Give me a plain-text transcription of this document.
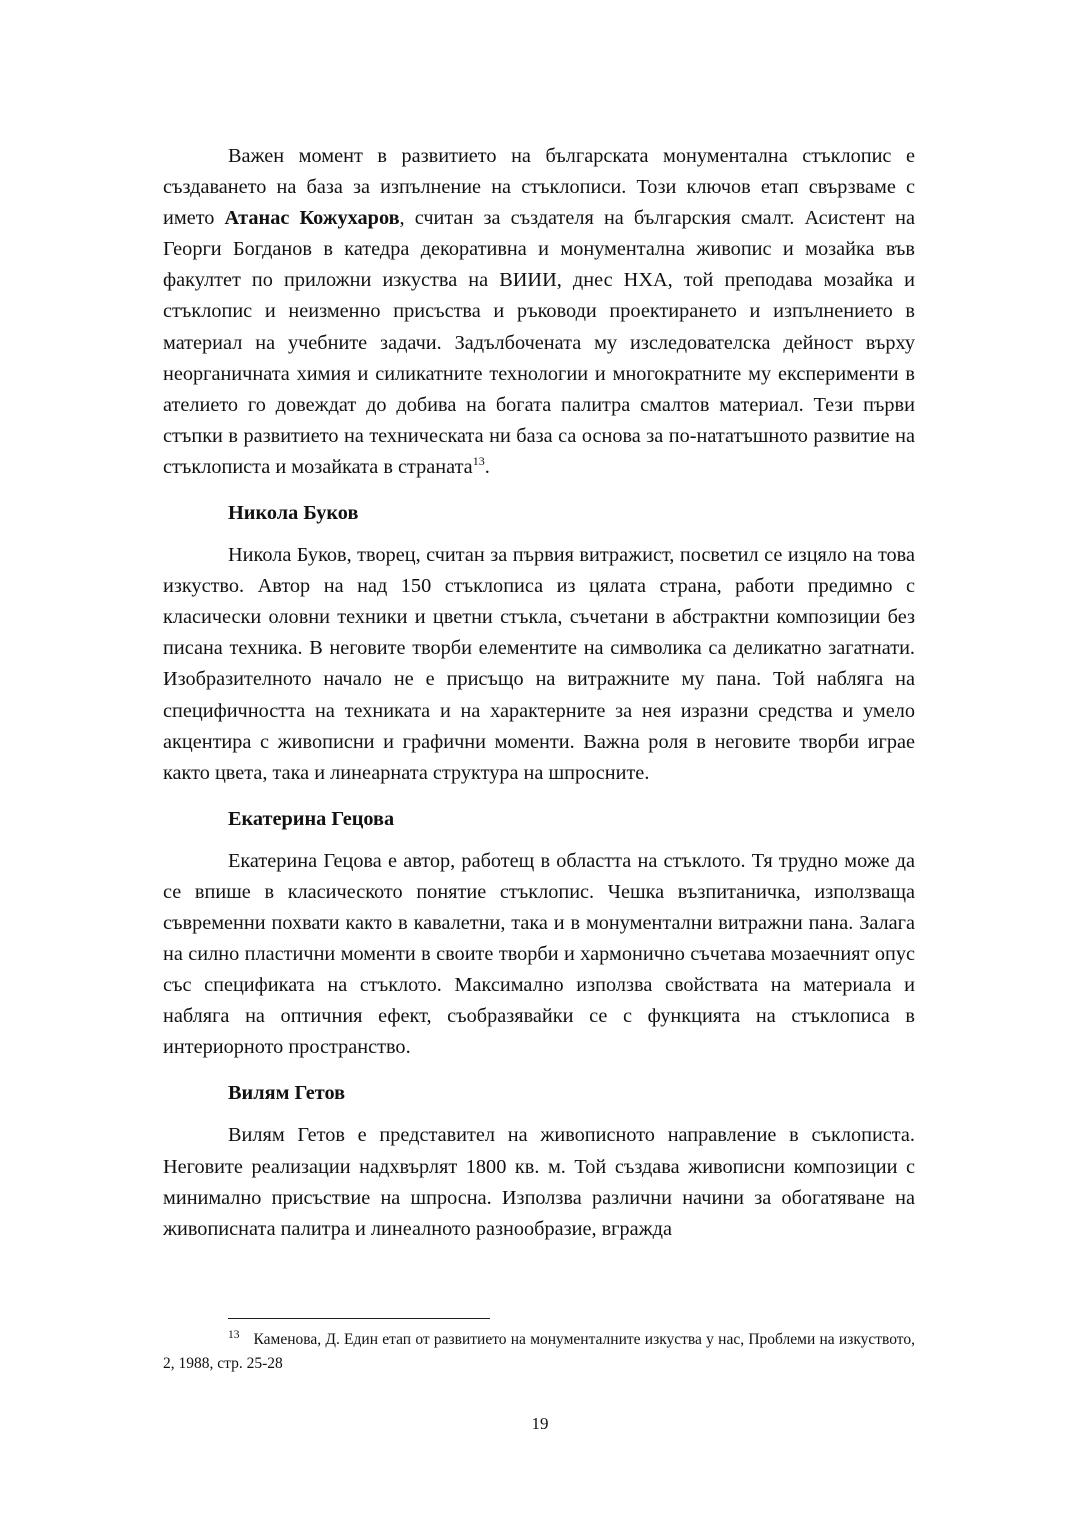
Важен момент в развитието на българската монументална стъклопис е създаването на база за изпълнение на стъклописи. Този ключов етап свързваме с името Атанас Кожухаров, считан за създателя на българския смалт. Асистент на Георги Богданов в катедра декоративна и монументална живопис и мозайка във факултет по приложни изкуства на ВИИИ, днес НХА, той преподава мозайка и стъклопис и неизменно присъства и ръководи проектирането и изпълнението в материал на учебните задачи. Задълбочената му изследователска дейност върху неорганичната химия и силикатните технологии и многократните му експерименти в ателието го довеждат до добива на богата палитра смалтов материал. Тези първи стъпки в развитието на техническата ни база са основа за по-нататъшното развитие на стъклописта и мозайката в страната$^{13}$.

Никола Буков

Никола Буков, творец, считан за първия витражист, посветил се изцяло на това изкуство. Автор на над 150 стъклописа из цялата страна, работи предимно с класически оловни техники и цветни стъкла, съчетани в абстрактни композиции без писана техника. В неговите творби елементите на символика са деликатно загатнати. Изобразителното начало не е присъщо на витражните му пана. Той набляга на специфичността на техниката и на характерните за нея изразни средства и умело акцентира с живописни и графични моменти. Важна роля в неговите творби играе както цвета, така и линеарната структура на шпросните.

Екатерина Гецова

Екатерина Гецова е автор, работещ в областта на стъклото. Тя трудно може да се впише в класическото понятие стъклопис. Чешка възпитаничка, използваща съвременни похвати както в кавалетни, така и в монументални витражни пана. Залага на силно пластични моменти в своите творби и хармонично съчетава мозаечният опус със спецификата на стъклото. Максимално използва свойствата на материала и набляга на оптичния ефект, съобразявайки се с функцията на стъклописа в интериорното пространство.

Вилям Гетов

Вилям Гетов е представител на живописното направление в съклописта. Неговите реализации надхвърлят 1800 кв. м. Той създава живописни композиции с минимално присъствие на шпросна. Използва различни начини за обогатяване на живописната палитра и линеалното разнообразие, вгражда

$^{13}$ Каменова, Д. Един етап от развитието на монументалните изкуства у нас, Проблеми на изкуството, 2, 1988, стр. 25-28

19
